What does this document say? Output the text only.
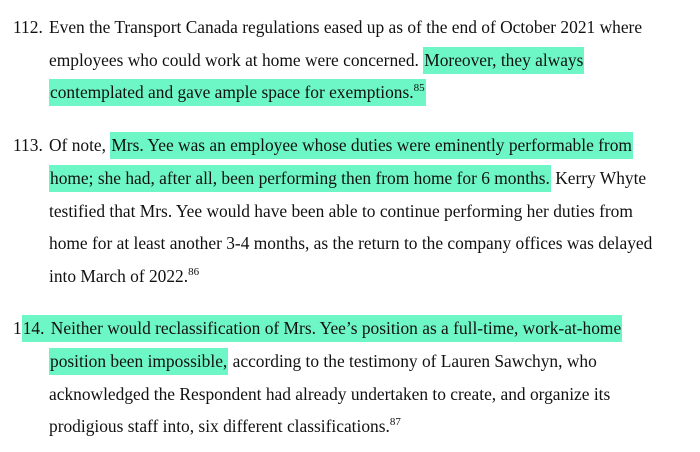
112. Even the Transport Canada regulations eased up as of the end of October 2021 where
employees who could work at home were concerned. Moreover, they always
contemplated and gave ample space for exemptions.$^{85}$
113. Of note, Mrs. Yee was an employee whose duties were eminently performable from
home; she had, after all, been performing then from home for 6 months. Kerry Whyte
testified that Mrs. Yee would have been able to continue performing her duties from
home for at least another 3-4 months, as the return to the company offices was delayed
into March of 2022.86
114. Neither would reclassification of Mrs. Yee’s position as a full-time, work-at-home
position been impossible, according to the testimony of Lauren Sawchyn, who
acknowledged the Respondent had already undertaken to create, and organize its
prodigious staff into, six different classifications.$^{87}$
